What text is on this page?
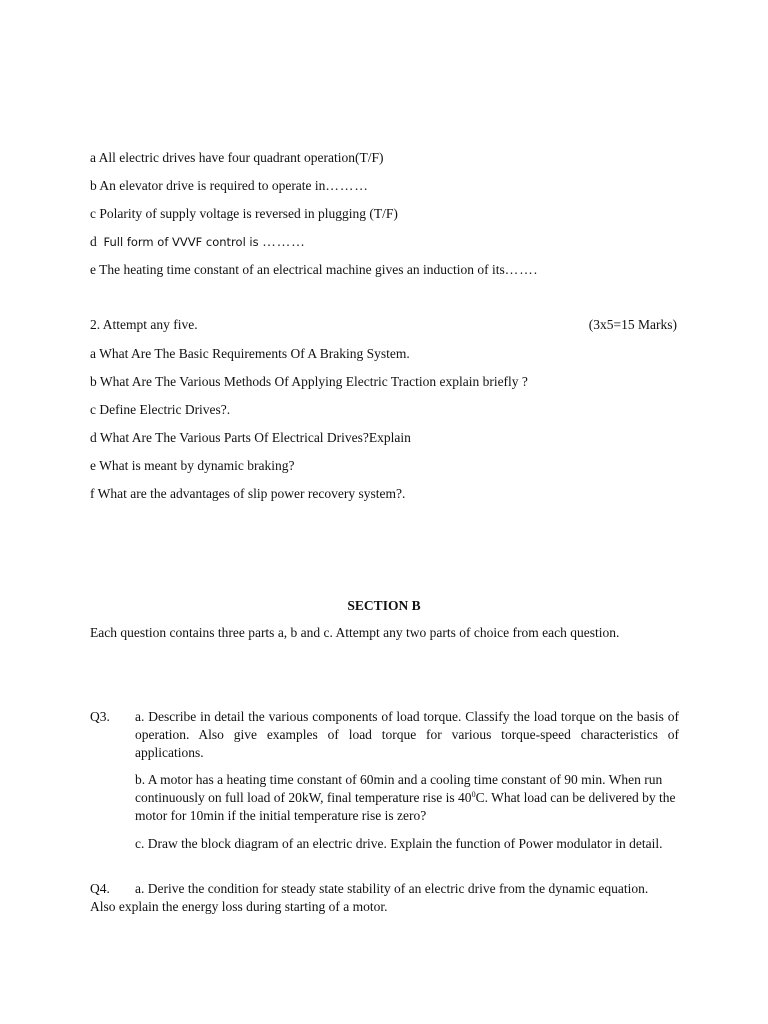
a All electric drives have four quadrant operation(T/F)
b An elevator drive is required to operate in………
c Polarity of supply voltage is reversed in plugging (T/F)
d  Full form of VVVF control is ………
e The heating time constant of an electrical machine gives an induction of its…….
2. Attempt any five.	(3x5=15 Marks)
a What Are The Basic Requirements Of A Braking System.
b What Are The Various Methods Of Applying Electric Traction explain briefly ?
c Define Electric Drives?.
d What Are The Various Parts Of Electrical Drives?Explain
e What is meant by dynamic braking?
f What are the advantages of slip power recovery system?.
SECTION B
Each question contains three parts a, b and c. Attempt any two parts of choice from each question.
Q3. a. Describe in detail the various components of load torque. Classify the load torque on the basis of operation. Also give examples of load torque for various torque-speed characteristics of applications.
b. A motor has a heating time constant of 60min and a cooling time constant of 90 min. When run continuously on full load of 20kW, final temperature rise is $40^0C$. What load can be delivered by the motor for 10min if the initial temperature rise is zero?
c. Draw the block diagram of an electric drive. Explain the function of Power modulator in detail.
Q4. a. Derive the condition for steady state stability of an electric drive from the dynamic equation.
Also explain the energy loss during starting of a motor.
